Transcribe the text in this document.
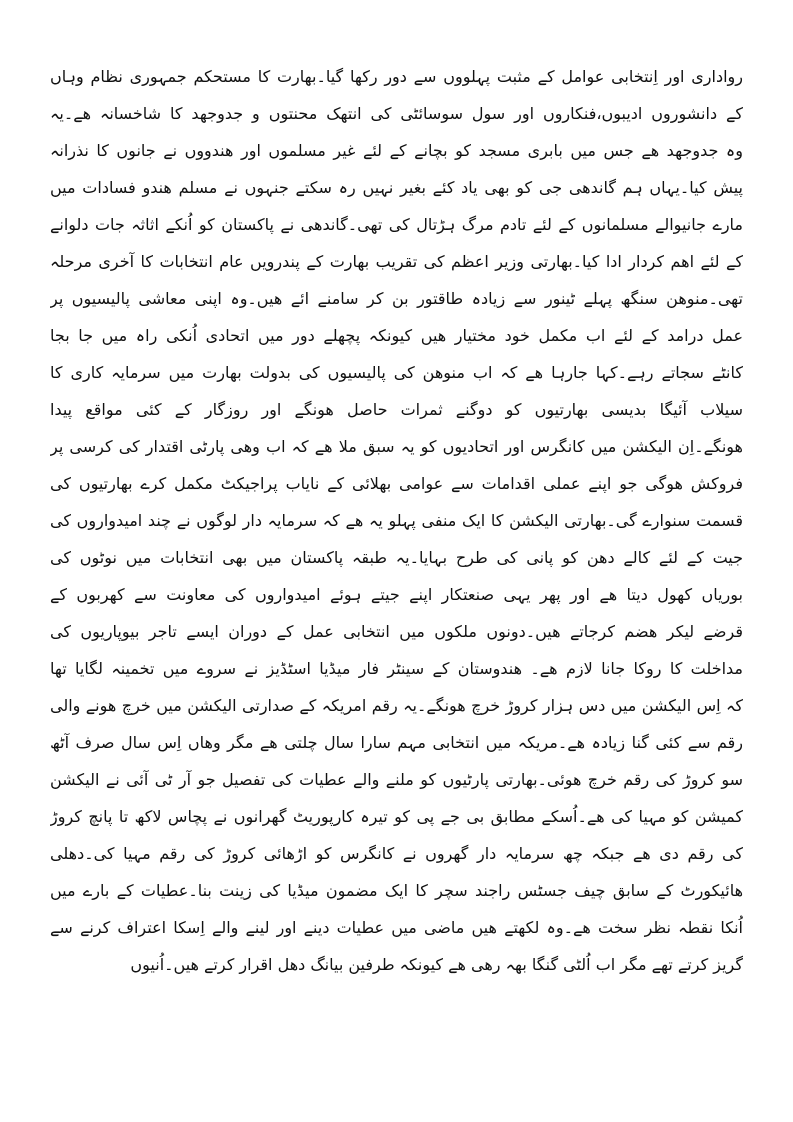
رواداری اور اِنتخابی عوامل کے مثبت پہلووں سے دور رکھا گیا۔بھارت کا مستحکم جمہوری نظام وہاں
کے دانشوروں ادیبوں،فنکاروں اور سول سوسائٹی کی انتھک محنتوں و جدوجھد کا شاخسانہ ھے۔یہ
وہ جدوجھد ھے جس میں بابری مسجد کو بچانے کے لئے غیر مسلموں اور ھندووں نے جانوں کا نذرانہ
پیش کیا۔یہاں ہم گاندھی جی کو بھی یاد کئے بغیر نہیں رہ سکتے جنہوں نے مسلم ھندو فسادات میں
مارے جانیوالے مسلمانوں کے لئے تادم مرگ ہڑتال کی تھی۔گاندھی نے پاکستان کو اُنکے اثاثہ جات دلوانے
کے لئے اھم کردار ادا کیا۔بھارتی وزیر اعظم کی تقریب بھارت کے پندرویں عام انتخابات کا آخری مرحلہ
تھی۔منوھن سنگھ پہلے ٹینور سے زیادہ طاقتور بن کر سامنے ائے ھیں۔وہ اپنی معاشی پالیسیوں پر
عمل درامد کے لئے اب مکمل خود مختیار ھیں کیونکہ پچھلے دور میں اتحادی اُنکی راہ میں جا بجا
کانٹے سجاتے رہے۔کہا جارہا ھے کہ اب منوھن کی پالیسیوں کی بدولت بھارت میں سرمایہ کاری کا
سیلاب آئیگا بدیسی بھارتیوں کو دوگنے ثمرات حاصل ھونگے اور روزگار کے کئی مواقع پیدا
ھونگے۔اِن الیکشن میں کانگرس اور اتحادیوں کو یہ سبق ملا ھے کہ اب وھی پارٹی اقتدار کی کرسی پر
فروکش ھوگی جو اپنے عملی اقدامات سے عوامی بھلائی کے نایاب پراجیکٹ مکمل کرے بھارتیوں کی
قسمت سنوارے گی۔بھارتی الیکشن کا ایک منفی پہلو یہ ھے کہ سرمایہ دار لوگوں نے چند امیدواروں کی
جیت کے لئے کالے دھن کو پانی کی طرح بہایا۔یہ طبقہ پاکستان میں بھی انتخابات میں نوٹوں کی
بوریاں کھول دیتا ھے اور پھر یہی صنعتکار اپنے جیتے ہوئے امیدواروں کی معاونت سے کھربوں کے
قرضے لیکر ھضم کرجاتے ھیں۔دونوں ملکوں میں انتخابی عمل کے دوران ایسے تاجر بیوپاریوں کی
مداخلت کا روکا جانا لازم ھے۔ ھندوستان کے سینٹر فار میڈیا اسٹڈیز نے سروے میں تخمینہ لگایا تھا
کہ اِس الیکشن میں دس ہزار کروڑ خرچ ھونگے۔یہ رقم امریکہ کے صدارتی الیکشن میں خرچ ھونے والی
رقم سے کئی گنا زیادہ ھے۔مریکہ میں انتخابی مہم سارا سال چلتی ھے مگر وھاں اِس سال صرف آٹھ
سو کروڑ کی رقم خرچ ھوئی۔بھارتی پارٹیوں کو ملنے والے عطیات کی تفصیل جو آر ٹی آئی نے الیکشن
کمیشن کو مہیا کی ھے۔اُسکے مطابق بی جے پی کو تیرہ کارپوریٹ گھرانوں نے پچاس لاکھ تا پانچ کروڑ
کی رقم دی ھے جبکہ چھ سرمایہ دار گھروں نے کانگرس کو اڑھائی کروڑ کی رقم مہیا کی۔دھلی
ھائیکورٹ کے سابق چیف جسٹس راجند سچر کا ایک مضمون میڈیا کی زینت بنا۔عطیات کے بارے میں
اُنکا نقطہ نظر سخت ھے۔وہ لکھتے ھیں ماضی میں عطیات دینے اور لینے والے اِسکا اعتراف کرنے سے
گریز کرتے تھے مگر اب اُلٹی گنگا بھہ رھی ھے کیونکہ طرفین بیانگ دھل اقرار کرتے ھیں۔اُنیوں
